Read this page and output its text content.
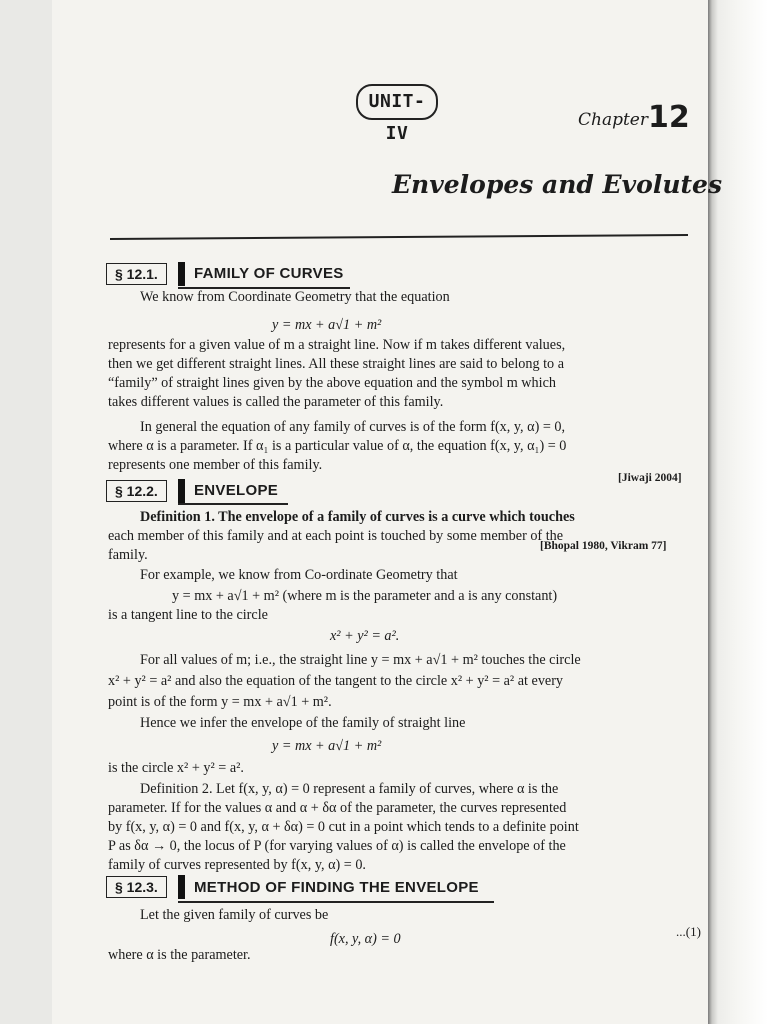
UNIT-IV
Chapter 12
Envelopes and Evolutes
§ 12.1.	FAMILY OF CURVES

We know from Coordinate Geometry that the equation

y = mx + a√1 + m²

represents for a given value of m a straight line. Now if m takes different values,

then we get different straight lines. All these straight lines are said to belong to a

“family” of straight lines given by the above equation and the symbol m which

takes different values is called the parameter of this family.

In general the equation of any family of curves is of the form f(x, y, α) = 0,

where α is a parameter. If α₁ is a particular value of α, the equation f(x, y, α₁) = 0

represents one member of this family.

[Jiwaji 2004]
§ 12.2.	ENVELOPE

Definition 1. The envelope of a family of curves is a curve which touches

each member of this family and at each point is touched by some member of the

family.

[Bhopal 1980, Vikram 77]

For example, we know from Co-ordinate Geometry that

y = mx + a√1 + m² (where m is the parameter and a is any constant)

is a tangent line to the circle

x² + y² = a².

For all values of m; i.e., the straight line y = mx + a√1 + m² touches the circle

x² + y² = a² and also the equation of the tangent to the circle x² + y² = a² at every

point is of the form y = mx + a√1 + m².

Hence we infer the envelope of the family of straight line

y = mx + a√1 + m²

is the circle x² + y² = a².

Definition 2. Let f(x, y, α) = 0 represent a family of curves, where α is the

parameter. If for the values α and α + δα of the parameter, the curves represented

by f(x, y, α) = 0 and f(x, y, α + δα) = 0 cut in a point which tends to a definite point

P as δα → 0, the locus of P (for varying values of α) is called the envelope of the

family of curves represented by f(x, y, α) = 0.

§ 12.3.	METHOD OF FINDING THE ENVELOPE

Let the given family of curves be

f(x, y, α) = 0	...(1)

where α is the parameter.
